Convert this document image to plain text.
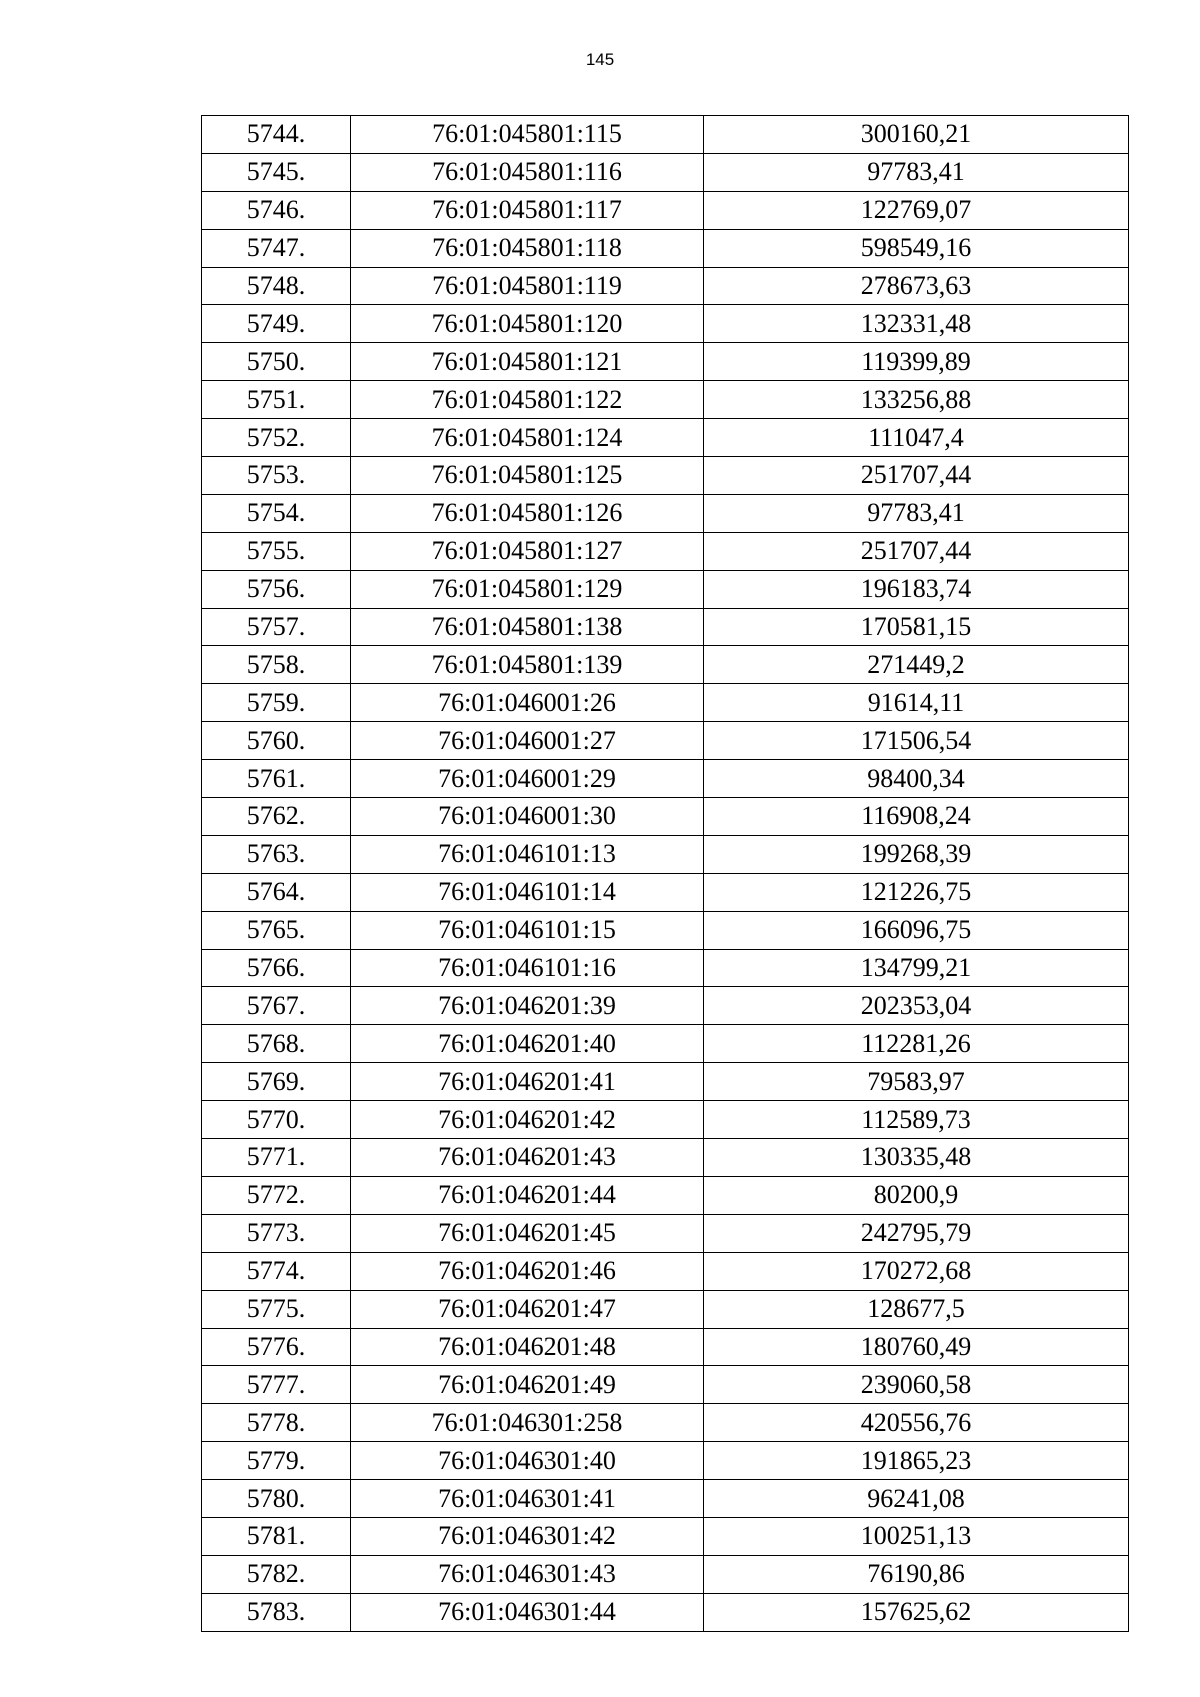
145
5744.	76:01:045801:115	300160,21
5745.	76:01:045801:116	97783,41
5746.	76:01:045801:117	122769,07
5747.	76:01:045801:118	598549,16
5748.	76:01:045801:119	278673,63
5749.	76:01:045801:120	132331,48
5750.	76:01:045801:121	119399,89
5751.	76:01:045801:122	133256,88
5752.	76:01:045801:124	111047,4
5753.	76:01:045801:125	251707,44
5754.	76:01:045801:126	97783,41
5755.	76:01:045801:127	251707,44
5756.	76:01:045801:129	196183,74
5757.	76:01:045801:138	170581,15
5758.	76:01:045801:139	271449,2
5759.	76:01:046001:26	91614,11
5760.	76:01:046001:27	171506,54
5761.	76:01:046001:29	98400,34
5762.	76:01:046001:30	116908,24
5763.	76:01:046101:13	199268,39
5764.	76:01:046101:14	121226,75
5765.	76:01:046101:15	166096,75
5766.	76:01:046101:16	134799,21
5767.	76:01:046201:39	202353,04
5768.	76:01:046201:40	112281,26
5769.	76:01:046201:41	79583,97
5770.	76:01:046201:42	112589,73
5771.	76:01:046201:43	130335,48
5772.	76:01:046201:44	80200,9
5773.	76:01:046201:45	242795,79
5774.	76:01:046201:46	170272,68
5775.	76:01:046201:47	128677,5
5776.	76:01:046201:48	180760,49
5777.	76:01:046201:49	239060,58
5778.	76:01:046301:258	420556,76
5779.	76:01:046301:40	191865,23
5780.	76:01:046301:41	96241,08
5781.	76:01:046301:42	100251,13
5782.	76:01:046301:43	76190,86
5783.	76:01:046301:44	157625,62
